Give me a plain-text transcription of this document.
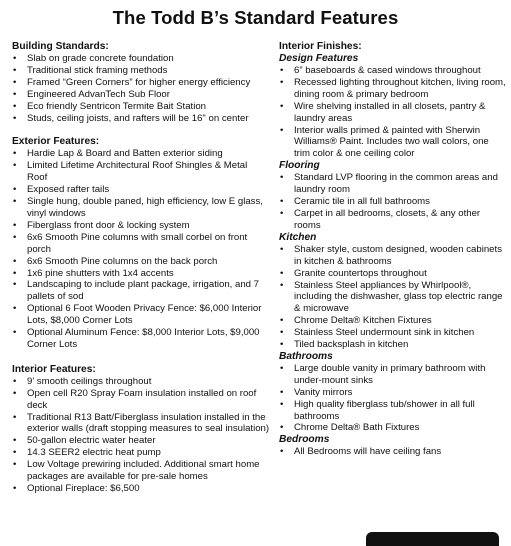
The Todd B’s Standard Features
Building Standards:
• Slab on grade concrete foundation
• Traditional stick framing methods
• Framed “Green Corners” for higher energy efficiency
• Engineered AdvanTech Sub Floor
• Eco friendly Sentricon Termite Bait Station
• Studs, ceiling joists, and rafters will be 16" on center
Exterior Features:
• Hardie Lap & Board and Batten exterior siding
• Limited Lifetime Architectural Roof Shingles & Metal Roof
• Exposed rafter tails
• Single hung, double paned, high efficiency, low E glass, vinyl windows
• Fiberglass front door & locking system
• 6x6 Smooth Pine columns with small corbel on front porch
• 6x6 Smooth Pine columns on the back porch
• 1x6 pine shutters with 1x4 accents
• Landscaping to include plant package, irrigation, and 7 pallets of sod
• Optional 6 Foot Wooden Privacy Fence: $6,000 Interior Lots, $8,000 Corner Lots
• Optional Aluminum Fence: $8,000 Interior Lots, $9,000 Corner Lots
Interior Features:
• 9’ smooth ceilings throughout
• Open cell R20 Spray Foam insulation installed on roof deck
• Traditional R13 Batt/Fiberglass insulation installed in the exterior walls (draft stopping measures to seal insulation)
• 50-gallon electric water heater
• 14.3 SEER2 electric heat pump
• Low Voltage prewiring included. Additional smart home packages are available for pre-sale homes
• Optional Fireplace: $6,500
Interior Finishes:
Design Features
• 6” baseboards & cased windows throughout
• Recessed lighting throughout kitchen, living room, dining room & primary bedroom
• Wire shelving installed in all closets, pantry & laundry areas
• Interior walls primed & painted with Sherwin Williams® Paint. Includes two wall colors, one trim color & one ceiling color
Flooring
• Standard LVP flooring in the common areas and laundry room
• Ceramic tile in all full bathrooms
• Carpet in all bedrooms, closets, & any other rooms
Kitchen
• Shaker style, custom designed, wooden cabinets in kitchen & bathrooms
• Granite countertops throughout
• Stainless Steel appliances by Whirlpool®, including the dishwasher, glass top electric range & microwave
• Chrome Delta® Kitchen Fixtures
• Stainless Steel undermount sink in kitchen
• Tiled backsplash in kitchen
Bathrooms
• Large double vanity in primary bathroom with under-mount sinks
• Vanity mirrors
• High quality fiberglass tub/shower in all full bathrooms
• Chrome Delta® Bath Fixtures
Bedrooms
• All Bedrooms will have ceiling fans
